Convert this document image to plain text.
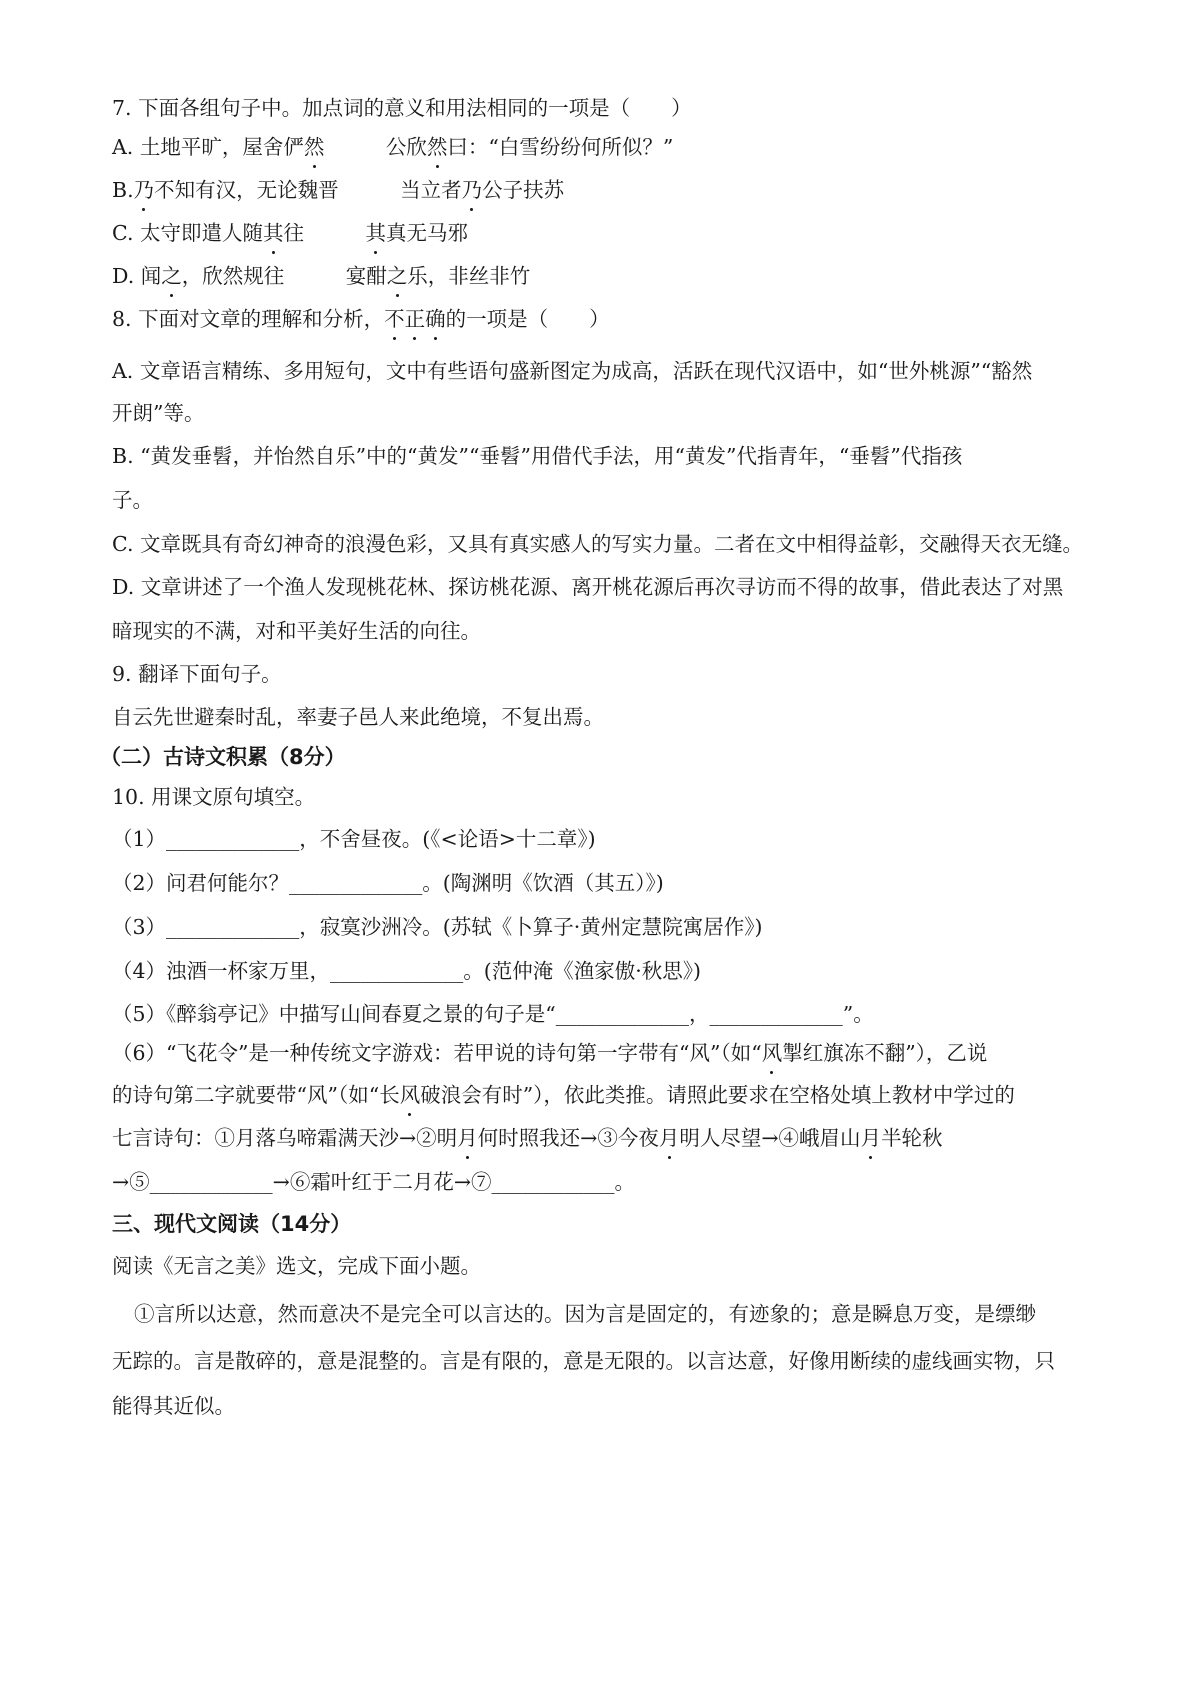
7. 下面各组句子中。加点词的意义和用法相同的一项是（　　）

A. 土地平旷，屋舍俨然　　　公欣然曰：“白雪纷纷何所似？”

B.乃不知有汉，无论魏晋　　　当立者乃公子扶苏

C. 太守即遣人随其往　　　其真无马邪

D. 闻之，欣然规往　　　宴酣之乐，非丝非竹

8. 下面对文章的理解和分析，不正确的一项是（　　）

A. 文章语言精练、多用短句，文中有些语句盛新图定为成高，活跃在现代汉语中，如“世外桃源”“豁然

开朗”等。

B. “黄发垂髫，并怡然自乐”中的“黄发”“垂髫”用借代手法，用“黄发”代指青年，“垂髫”代指孩

子。

C. 文章既具有奇幻神奇的浪漫色彩，又具有真实感人的写实力量。二者在文中相得益彰，交融得天衣无缝。

D. 文章讲述了一个渔人发现桃花林、探访桃花源、离开桃花源后再次寻访而不得的故事，借此表达了对黑

暗现实的不满，对和平美好生活的向往。

9. 翻译下面句子。

自云先世避秦时乱，率妻子邑人来此绝境，不复出焉。

（二）古诗文积累（8分）

10. 用课文原句填空。

（1）_____________，不舍昼夜。(《<论语>十二章》)

（2）问君何能尔？_____________。(陶渊明《饮酒（其五）》)

（3）_____________，寂寞沙洲冷。(苏轼《卜算子·黄州定慧院寓居作》)

（4）浊酒一杯家万里，_____________。(范仲淹《渔家傲·秋思》)

（5）《醉翁亭记》中描写山间春夏之景的句子是“_____________，_____________”。

（6）“飞花令”是一种传统文字游戏：若甲说的诗句第一字带有“风”（如“风掣红旗冻不翻”），乙说

的诗句第二字就要带“风”（如“长风破浪会有时”），依此类推。请照此要求在空格处填上教材中学过的

七言诗句：①月落乌啼霜满天沙→②明月何时照我还→③今夜月明人尽望→④峨眉山月半轮秋

→⑤____________→⑥霜叶红于二月花→⑦____________。

三、现代文阅读（14分）

阅读《无言之美》选文，完成下面小题。

①言所以达意，然而意决不是完全可以言达的。因为言是固定的，有迹象的；意是瞬息万变，是缥缈

无踪的。言是散碎的，意是混整的。言是有限的，意是无限的。以言达意，好像用断续的虚线画实物，只

能得其近似。
